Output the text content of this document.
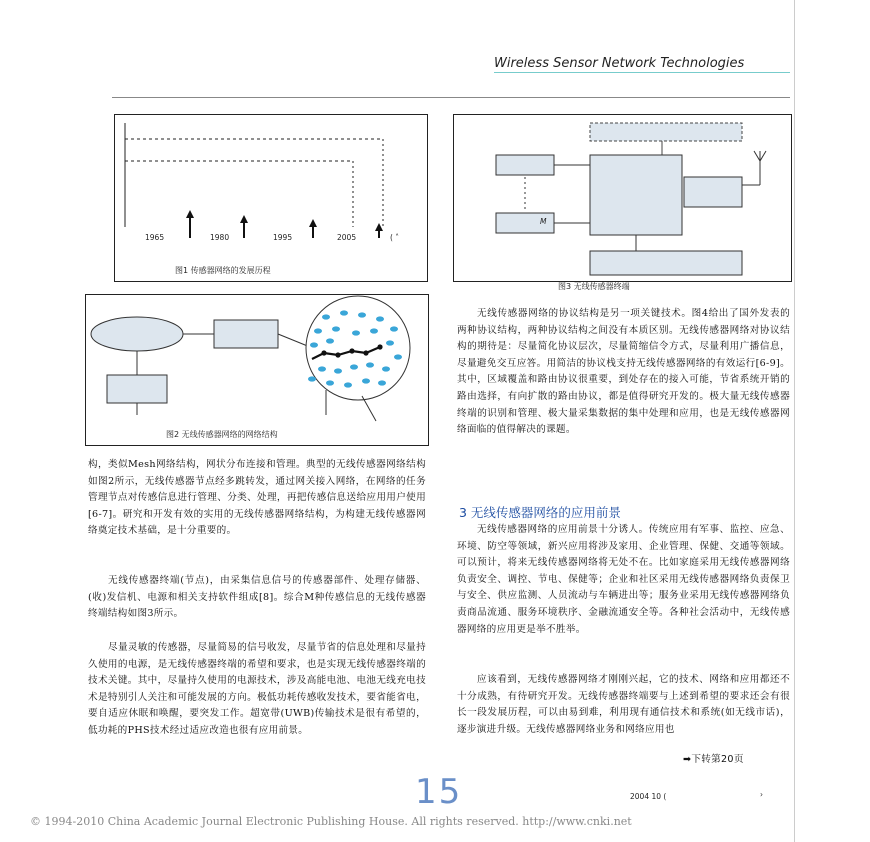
Wireless Sensor Network Technologies
1965	1980	1995	2005	( ˄
图1 传感器网络的发展历程
图2 无线传感器网络的网络结构
M
图3 无线传感器终端
构，类似Mesh网络结构，网状分布连接和管理。典型的无线传感器网络结构如图2所示，无线传感器节点经多跳转发，通过网关接入网络，在网络的任务管理节点对传感信息进行管理、分类、处理，再把传感信息送给应用用户使用[6-7]。研究和开发有效的实用的无线传感器网络结构，为构建无线传感器网络奠定技术基础，是十分重要的。
无线传感器终端(节点)，由采集信息信号的传感器部件、处理存储器、(收)发信机、电源和相关支持软件组成[8]。综合M种传感信息的无线传感器终端结构如图3所示。
尽量灵敏的传感器，尽量简易的信号收发，尽量节省的信息处理和尽量持久使用的电源，是无线传感器终端的希望和要求，也是实现无线传感器终端的技术关键。其中，尽量持久使用的电源技术，涉及高能电池、电池无线充电技术是特别引人关注和可能发展的方向。极低功耗传感收发技术，要省能省电，要自适应休眠和唤醒，要突发工作。超宽带(UWB)传输技术是很有希望的，低功耗的PHS技术经过适应改造也很有应用前景。
无线传感器网络的协议结构是另一项关键技术。图4给出了国外发表的两种协议结构，两种协议结构之间没有本质区别。无线传感器网络对协议结构的期待是：尽量简化协议层次，尽量简缩信令方式，尽量利用广播信息，尽量避免交互应答。用简洁的协议栈支持无线传感器网络的有效运行[6-9]。其中，区域覆盖和路由协议很重要，到处存在的接入可能，节省系统开销的路由选择，有向扩散的路由协议，都是值得研究开发的。极大量无线传感器终端的识别和管理、极大量采集数据的集中处理和应用，也是无线传感器网络面临的值得解决的课题。
3 无线传感器网络的应用前景
无线传感器网络的应用前景十分诱人。传统应用有军事、监控、应急、环境、防空等领域，新兴应用将涉及家用、企业管理、保健、交通等领域。可以预计，将来无线传感器网络将无处不在。比如家庭采用无线传感器网络负责安全、调控、节电、保健等；企业和社区采用无线传感器网络负责保卫与安全、供应监测、人员流动与车辆进出等；服务业采用无线传感器网络负责商品流通、服务环境秩序、金融流通安全等。各种社会活动中，无线传感器网络的应用更是举不胜举。
应该看到，无线传感器网络才刚刚兴起，它的技术、网络和应用都还不十分成熟，有待研究开发。无线传感器终端要与上述到希望的要求还会有很长一段发展历程，可以由易到难，利用现有通信技术和系统(如无线市话)，逐步演进升级。无线传感器网络业务和网络应用也
➡下转第20页
15	2004 10 (	›
© 1994-2010 China Academic Journal Electronic Publishing House. All rights reserved. http://www.cnki.net
